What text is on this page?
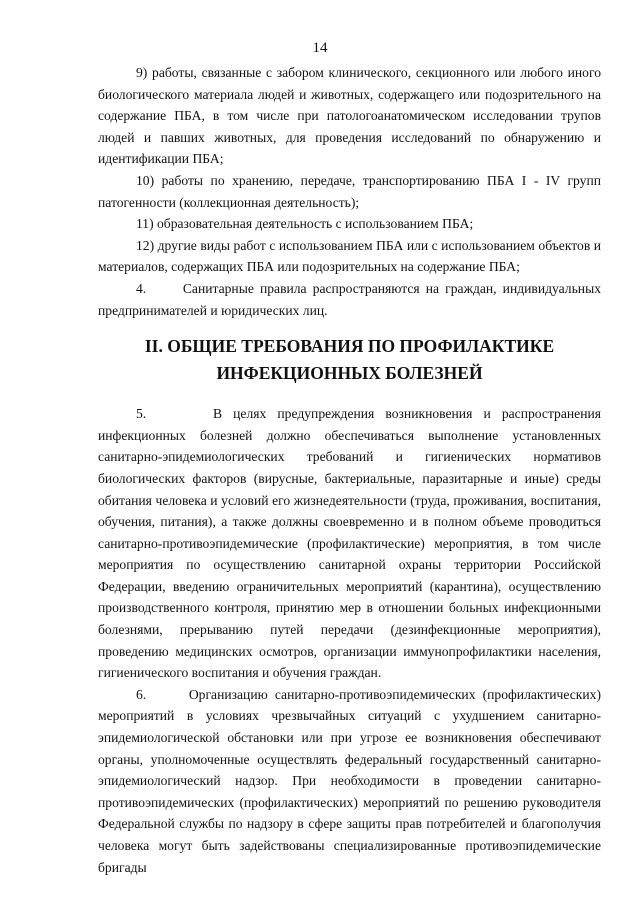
14

9) работы, связанные с забором клинического, секционного или любого иного биологического материала людей и животных, содержащего или подозрительного на содержание ПБА, в том числе при патологоанатомическом исследовании трупов людей и павших животных, для проведения исследований по обнаружению и идентификации ПБА;

10) работы по хранению, передаче, транспортированию ПБА I - IV групп патогенности (коллекционная деятельность);

11) образовательная деятельность с использованием ПБА;

12) другие виды работ с использованием ПБА или с использованием объектов и материалов, содержащих ПБА или подозрительных на содержание ПБА;

4.      Санитарные правила распространяются на граждан, индивидуальных предпринимателей и юридических лиц.

II. ОБЩИЕ ТРЕБОВАНИЯ ПО ПРОФИЛАКТИКЕ
ИНФЕКЦИОННЫХ БОЛЕЗНЕЙ

5.      В целях предупреждения возникновения и распространения инфекционных болезней должно обеспечиваться выполнение установленных санитарно-эпидемиологических требований и гигиенических нормативов биологических факторов (вирусные, бактериальные, паразитарные и иные) среды обитания человека и условий его жизнедеятельности (труда, проживания, воспитания, обучения, питания), а также должны своевременно и в полном объеме проводиться санитарно-противоэпидемические (профилактические) мероприятия, в том числе мероприятия по осуществлению санитарной охраны территории Российской Федерации, введению ограничительных мероприятий (карантина), осуществлению производственного контроля, принятию мер в отношении больных инфекционными болезнями, прерыванию путей передачи (дезинфекционные мероприятия), проведению медицинских осмотров, организации иммунопрофилактики населения, гигиенического воспитания и обучения граждан.

6.      Организацию санитарно-противоэпидемических (профилактических) мероприятий в условиях чрезвычайных ситуаций с ухудшением санитарно-эпидемиологической обстановки или при угрозе ее возникновения обеспечивают органы, уполномоченные осуществлять федеральный государственный санитарно-эпидемиологический надзор. При необходимости в проведении санитарно-противоэпидемических (профилактических) мероприятий по решению руководителя Федеральной службы по надзору в сфере защиты прав потребителей и благополучия человека могут быть задействованы специализированные противоэпидемические бригады
